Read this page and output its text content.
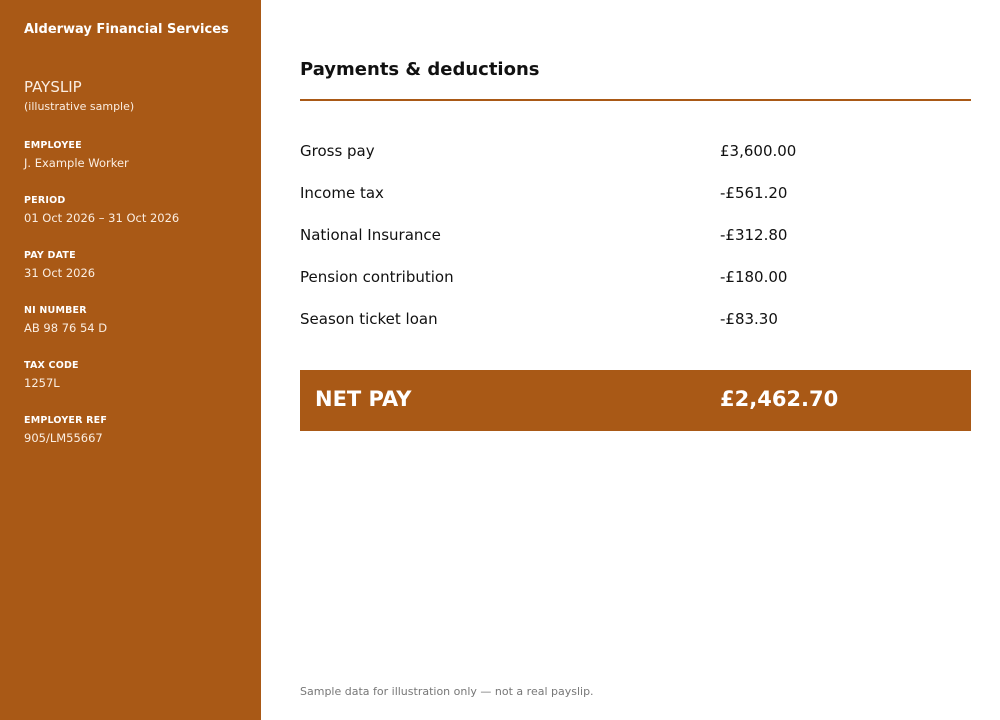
Alderway Financial Services
PAYSLIP
(illustrative sample)
EMPLOYEE
J. Example Worker
PERIOD
01 Oct 2026 – 31 Oct 2026
PAY DATE
31 Oct 2026
NI NUMBER
AB 98 76 54 D
TAX CODE
1257L
EMPLOYER REF
905/LM55667
Payments & deductions
Gross pay	£3,600.00
Income tax	-£561.20
National Insurance	-£312.80
Pension contribution	-£180.00
Season ticket loan	-£83.30
NET PAY	£2,462.70
Sample data for illustration only — not a real payslip.
